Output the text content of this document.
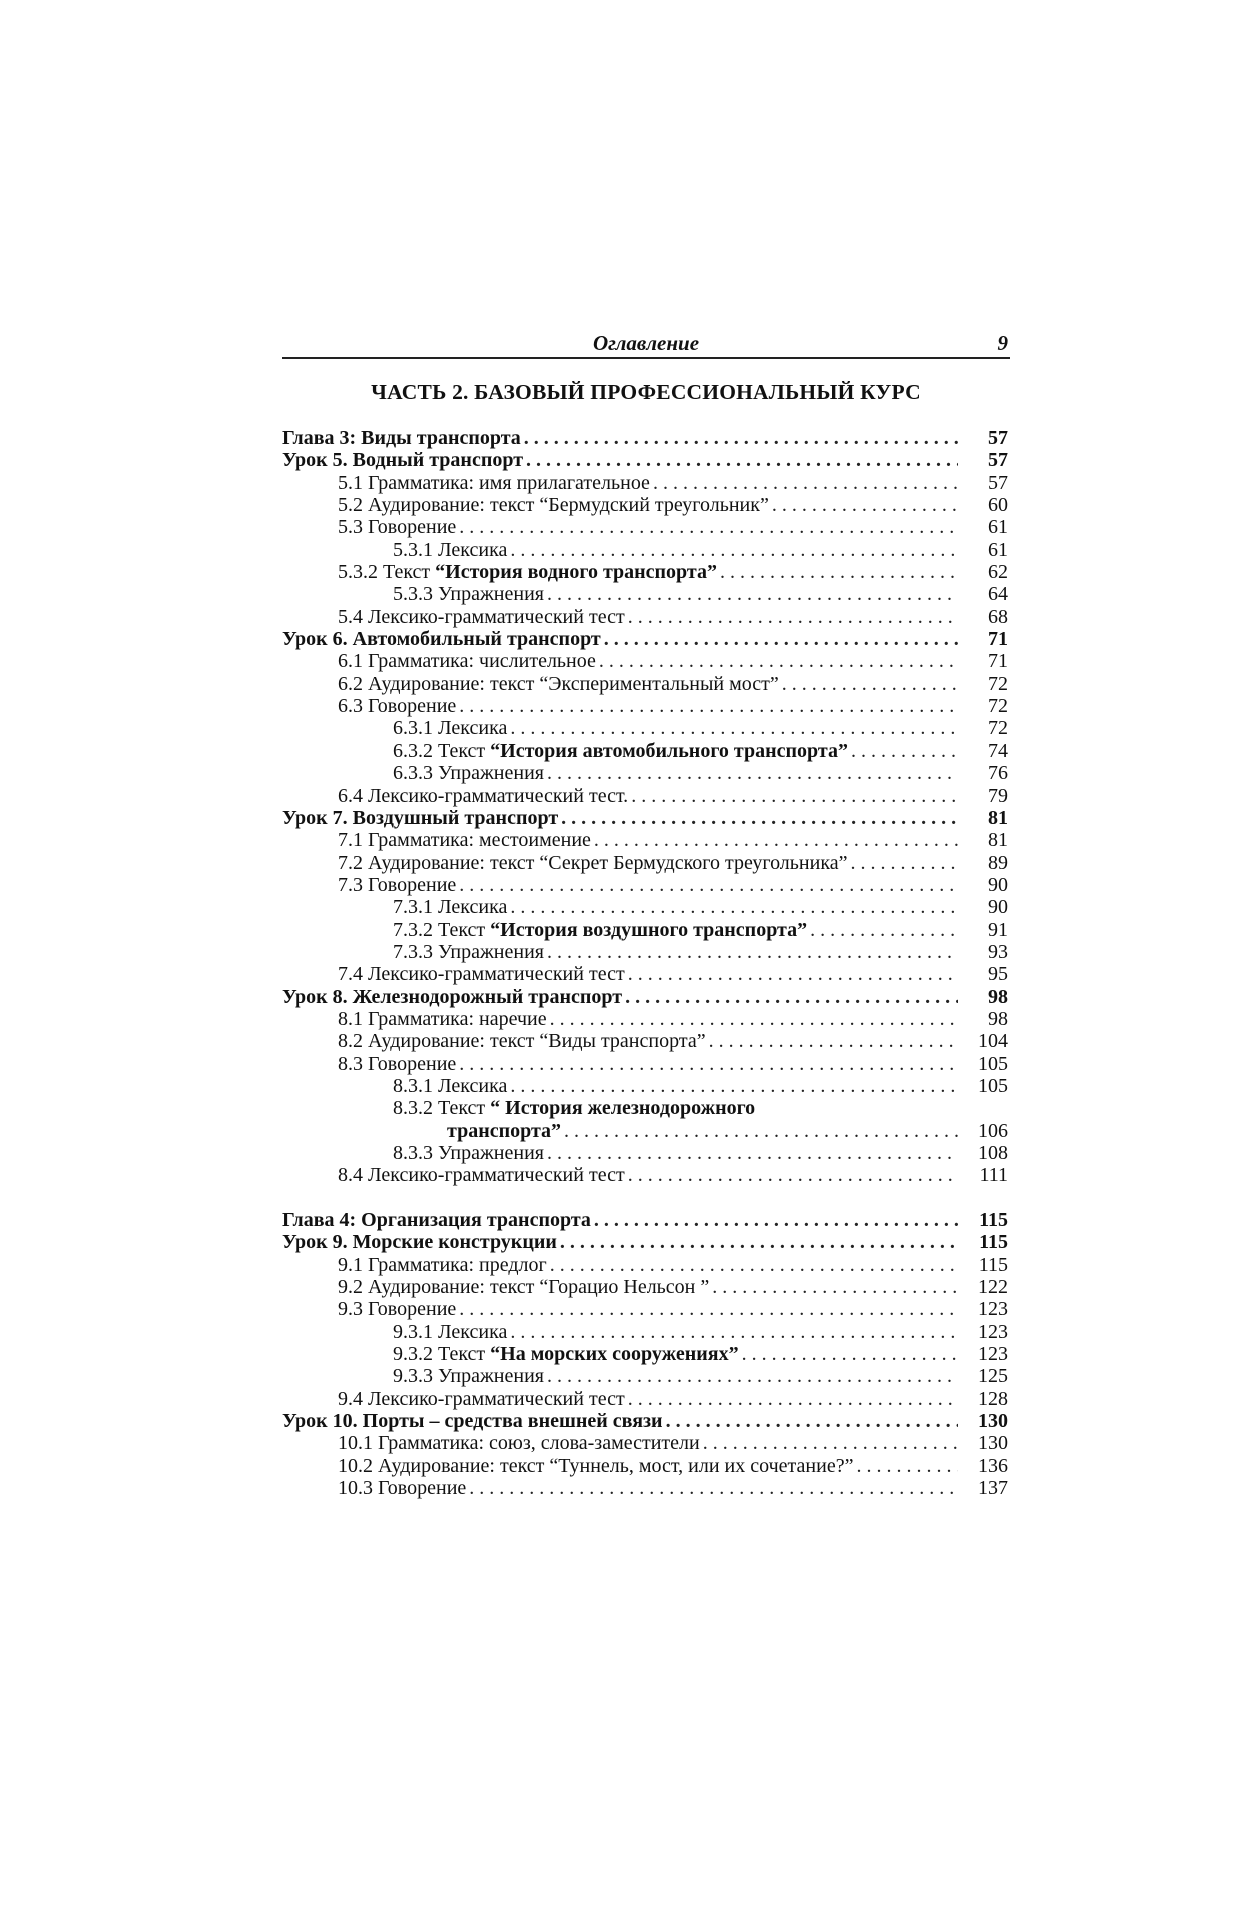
Оглавление	9
ЧАСТЬ 2. БАЗОВЫЙ ПРОФЕССИОНАЛЬНЫЙ КУРС
Глава 3: Виды транспорта . . .	57
Урок 5. Водный транспорт . . .	57
5.1 Грамматика: имя прилагательное . . .	57
5.2 Аудирование: текст “Бермудский треугольник” . . .	60
5.3 Говорение . . .	61
5.3.1 Лексика . . .	61
5.3.2 Текст “История водного транспорта” . . .	62
5.3.3 Упражнения . . .	64
5.4 Лексико-грамматический тест . . .	68
Урок 6. Автомобильный транспорт . . .	71
6.1 Грамматика: числительное . . .	71
6.2 Аудирование: текст “Экспериментальный мост” . . .	72
6.3 Говорение . . .	72
6.3.1 Лексика . . .	72
6.3.2 Текст “История автомобильного транспорта” . . .	74
6.3.3 Упражнения . . .	76
6.4 Лексико-грамматический тест. . . .	79
Урок 7. Воздушный транспорт . . .	81
7.1 Грамматика: местоимение . . .	81
7.2 Аудирование: текст “Секрет Бермудского треугольника” . . .	89
7.3 Говорение . . .	90
7.3.1 Лексика . . .	90
7.3.2 Текст “История воздушного транспорта” . . .	91
7.3.3 Упражнения . . .	93
7.4 Лексико-грамматический тест . . .	95
Урок 8. Железнодорожный транспорт . . .	98
8.1 Грамматика: наречие . . .	98
8.2 Аудирование: текст “Виды транспорта” . . .	104
8.3 Говорение . . .	105
8.3.1 Лексика . . .	105
8.3.2 Текст “ История железнодорожного
транспорта” . . .	106
8.3.3 Упражнения . . .	108
8.4 Лексико-грамматический тест . . .	111
Глава 4: Организация транспорта . . .	115
Урок 9. Морские конструкции . . .	115
9.1 Грамматика: предлог . . .	115
9.2 Аудирование: текст “Горацио Нельсон ” . . .	122
9.3 Говорение . . .	123
9.3.1 Лексика . . .	123
9.3.2 Текст “На морских сооружениях” . . .	123
9.3.3 Упражнения . . .	125
9.4 Лексико-грамматический тест . . .	128
Урок 10. Порты – средства внешней связи . . .	130
10.1 Грамматика: союз, слова-заместители . . .	130
10.2 Аудирование: текст “Туннель, мост, или их сочетание?” . . .	136
10.3 Говорение . . .	137
